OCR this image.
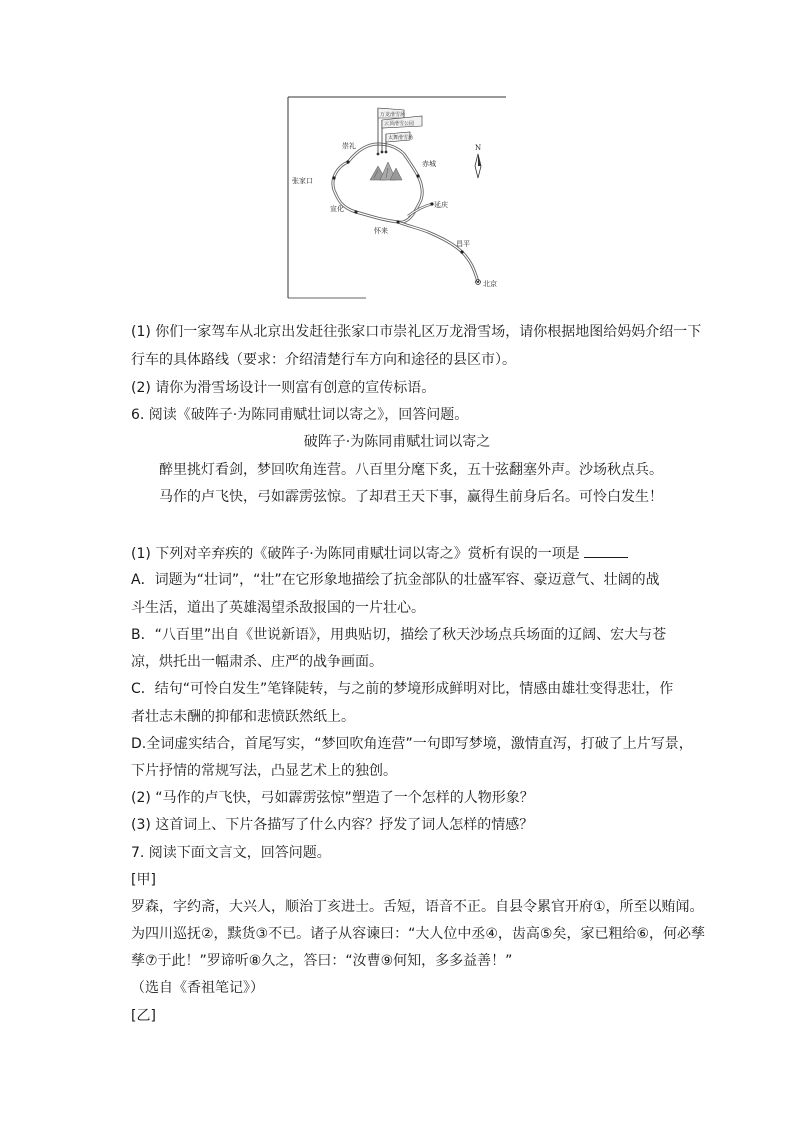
万龙滑雪场
云顶滑雪公园
太舞滑雪场
N
崇礼
赤城
张家口
宣化
怀来
延庆
昌平
北京
(1) 你们一家驾车从北京出发赶往张家口市崇礼区万龙滑雪场，请你根据地图给妈妈介绍一下
行车的具体路线（要求：介绍清楚行车方向和途径的县区市）。
(2) 请你为滑雪场设计一则富有创意的宣传标语。
6. 阅读《破阵子·为陈同甫赋壮词以寄之》，回答问题。
破阵子·为陈同甫赋壮词以寄之
醉里挑灯看剑，梦回吹角连营。八百里分麾下炙，五十弦翻塞外声。沙场秋点兵。
马作的卢飞快，弓如霹雳弦惊。了却君王天下事，赢得生前身后名。可怜白发生！
(1) 下列对辛弃疾的《破阵子·为陈同甫赋壮词以寄之》赏析有误的一项是
A．词题为“壮词”，“壮”在它形象地描绘了抗金部队的壮盛军容、豪迈意气、壮阔的战
斗生活，道出了英雄渴望杀敌报国的一片壮心。
B．“八百里”出自《世说新语》，用典贴切，描绘了秋天沙场点兵场面的辽阔、宏大与苍
凉，烘托出一幅肃杀、庄严的战争画面。
C．结句“可怜白发生”笔锋陡转，与之前的梦境形成鲜明对比，情感由雄壮变得悲壮，作
者壮志未酬的抑郁和悲愤跃然纸上。
D.全词虚实结合，首尾写实，“梦回吹角连营”一句即写梦境，激情直泻，打破了上片写景，
下片抒情的常规写法，凸显艺术上的独创。
(2) “马作的卢飞快，弓如霹雳弦惊”塑造了一个怎样的人物形象？
(3) 这首词上、下片各描写了什么内容？抒发了词人怎样的情感？
7. 阅读下面文言文，回答问题。
[甲]
罗森，字约斋，大兴人，顺治丁亥进士。舌短，语音不正。自县令累官开府①，所至以贿闻。
为四川巡抚②，黩货③不已。诸子从容谏曰：“大人位中丞④，齿高⑤矣，家已粗给⑥，何必孳
孳⑦于此！”罗谛听⑧久之，答曰：“汝曹⑨何知，多多益善！”
（选自《香祖笔记》）
[乙]
